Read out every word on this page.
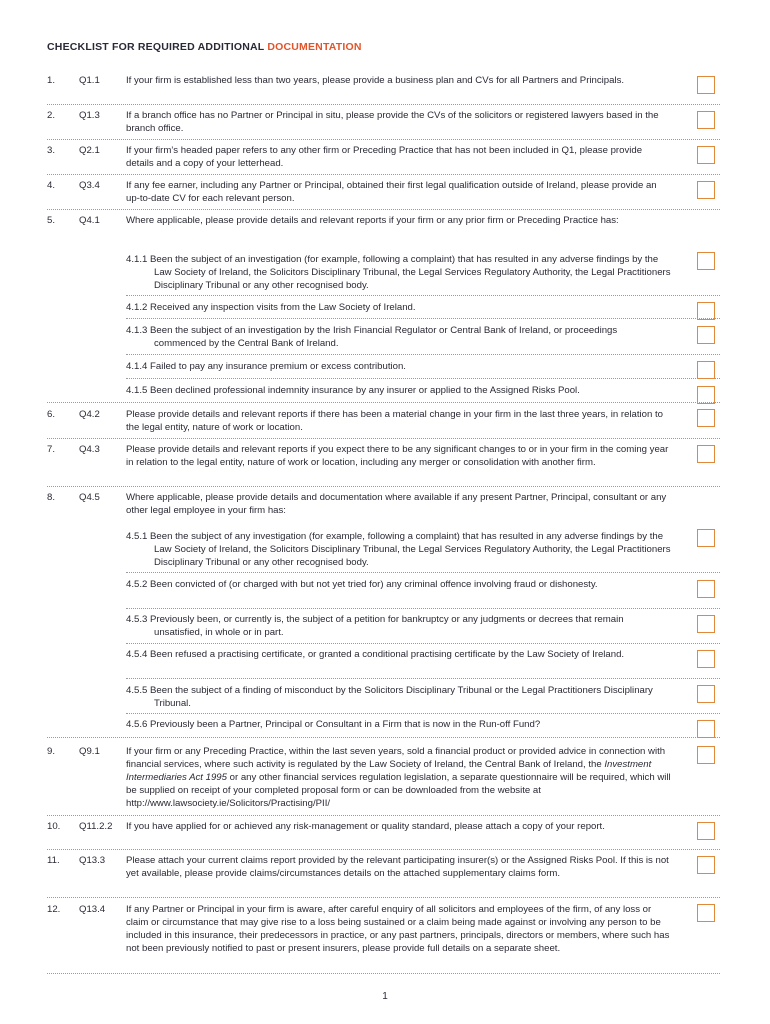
CHECKLIST FOR REQUIRED ADDITIONAL DOCUMENTATION
1. Q1.1	If your firm is established less than two years, please provide a business plan and CVs for all Partners and Principals.
2. Q1.3	If a branch office has no Partner or Principal in situ, please provide the CVs of the solicitors or registered lawyers based in the branch office.
3. Q2.1	If your firm’s headed paper refers to any other firm or Preceding Practice that has not been included in Q1, please provide details and a copy of your letterhead.
4. Q3.4	If any fee earner, including any Partner or Principal, obtained their first legal qualification outside of Ireland, please provide an up-to-date CV for each relevant person.
5. Q4.1	Where applicable, please provide details and relevant reports if your firm or any prior firm or Preceding Practice has:
4.1.1 Been the subject of an investigation (for example, following a complaint) that has resulted in any adverse findings by the Law Society of Ireland, the Solicitors Disciplinary Tribunal, the Legal Services Regulatory Authority, the Legal Practitioners Disciplinary Tribunal or any other recognised body.
4.1.2 Received any inspection visits from the Law Society of Ireland.
4.1.3 Been the subject of an investigation by the Irish Financial Regulator or Central Bank of Ireland, or proceedings commenced by the Central Bank of Ireland.
4.1.4 Failed to pay any insurance premium or excess contribution.
4.1.5 Been declined professional indemnity insurance by any insurer or applied to the Assigned Risks Pool.
6. Q4.2	Please provide details and relevant reports if there has been a material change in your firm in the last three years, in relation to the legal entity, nature of work or location.
7. Q4.3	Please provide details and relevant reports if you expect there to be any significant changes to or in your firm in the coming year in relation to the legal entity, nature of work or location, including any merger or consolidation with another firm.
8. Q4.5	Where applicable, please provide details and documentation where available if any present Partner, Principal, consultant or any other legal employee in your firm has:
4.5.1 Been the subject of any investigation (for example, following a complaint) that has resulted in any adverse findings by the Law Society of Ireland, the Solicitors Disciplinary Tribunal, the Legal Services Regulatory Authority, the Legal Practitioners Disciplinary Tribunal or any other recognised body.
4.5.2 Been convicted of (or charged with but not yet tried for) any criminal offence involving fraud or dishonesty.
4.5.3 Previously been, or currently is, the subject of a petition for bankruptcy or any judgments or decrees that remain unsatisfied, in whole or in part.
4.5.4 Been refused a practising certificate, or granted a conditional practising certificate by the Law Society of Ireland.
4.5.5 Been the subject of a finding of misconduct by the Solicitors Disciplinary Tribunal or the Legal Practitioners Disciplinary Tribunal.
4.5.6 Previously been a Partner, Principal or Consultant in a Firm that is now in the Run-off Fund?
9. Q9.1	If your firm or any Preceding Practice, within the last seven years, sold a financial product or provided advice in connection with financial services, where such activity is regulated by the Law Society of Ireland, the Central Bank of Ireland, the Investment Intermediaries Act 1995 or any other financial services regulation legislation, a separate questionnaire will be required, which will be supplied on receipt of your completed proposal form or can be downloaded from the website at http://www.lawsociety.ie/Solicitors/Practising/PII/
10. Q11.2.2 If you have applied for or achieved any risk-management or quality standard, please attach a copy of your report.
11. Q13.3 Please attach your current claims report provided by the relevant participating insurer(s) or the Assigned Risks Pool. If this is not yet available, please provide claims/circumstances details on the attached supplementary claims form.
12. Q13.4 If any Partner or Principal in your firm is aware, after careful enquiry of all solicitors and employees of the firm, of any loss or claim or circumstance that may give rise to a loss being sustained or a claim being made against or involving any person to be included in this insurance, their predecessors in practice, or any past partners, principals, directors or members, where such has not been previously notified to past or present insurers, please provide full details on a separate sheet.
1
